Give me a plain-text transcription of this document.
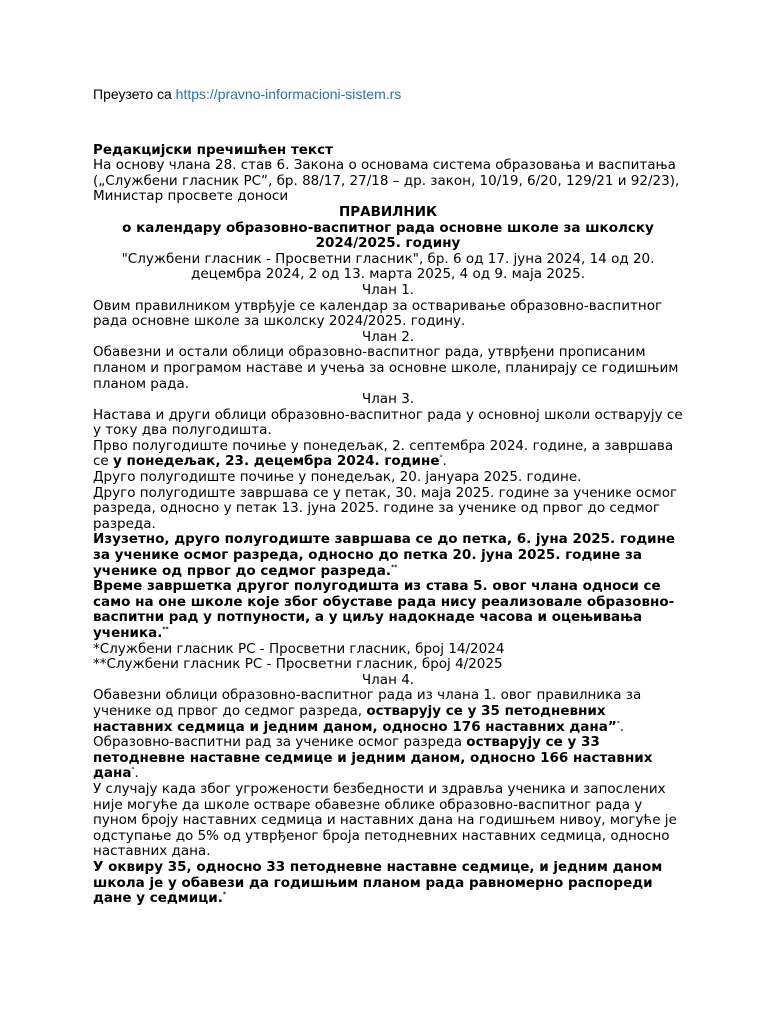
Преузето са https://pravno-informacioni-sistem.rs

Редакцијски пречишћен текст

На основу члана 28. став 6. Закона о основама система образовања и васпитања („Службени гласник РС”, бр. 88/17, 27/18 – др. закон, 10/19, 6/20, 129/21 и 92/23),

Министар просвете доноси

ПРАВИЛНИК

о календару образовно-васпитног рада основне школе за школску 2024/2025. годину

"Службени гласник - Просветни гласник", бр. 6 од 17. јуна 2024, 14 од 20. децембра 2024, 2 од 13. марта 2025, 4 од 9. маја 2025.

Члан 1.

Овим правилником утврђује се календар за остваривање образовно-васпитног рада основне школе за школску 2024/2025. годину.

Члан 2.

Обавезни и остали облици образовно-васпитног рада, утврђени прописаним планом и програмом наставе и учења за основне школе, планирају се годишњим планом рада.

Члан 3.

Настава и други облици образовно-васпитног рада у основној школи остварују се у току два полугодишта.

Прво полугодиште почиње у понедељак, 2. септембра 2024. године, а завршава се у понедељак, 23. децембра 2024. године*.

Друго полугодиште почиње у понедељак, 20. јануара 2025. године.

Друго полугодиште завршава се у петак, 30. маја 2025. године за ученике осмог разреда, односно у петак 13. јуна 2025. године за ученике од првог до седмог разреда.

Изузетно, друго полугодиште завршава се до петка, 6. јуна 2025. године за ученике осмог разреда, односно до петка 20. јуна 2025. године за ученике од првог до седмог разреда.**

Време завршетка другог полугодишта из става 5. овог члана односи се само на оне школе које због обуставе рада нису реализовале образовно-васпитни рад у потпуности, а у циљу надокнаде часова и оцењивања ученика.**

*Службени гласник РС - Просветни гласник, број 14/2024

**Службени гласник РС - Просветни гласник, број 4/2025

Члан 4.

Обавезни облици образовно-васпитног рада из члана 1. овог правилника за ученике од првог до седмог разреда, остварују се у 35 петодневних наставних седмица и једним даном, односно 176 наставних дана”*.

Образовно-васпитни рад за ученике осмог разреда остварују се у 33 петодневне наставне седмице и једним даном, односно 166 наставних дана*.

У случају када због угрожености безбедности и здравља ученика и запослених није могуће да школе остваре обавезне облике образовно-васпитног рада у пуном броју наставних седмица и наставних дана на годишњем нивоу, могуће је одступање до 5% од утврђеног броја петодневних наставних седмица, односно наставних дана.

У оквиру 35, односно 33 петодневне наставне седмице, и једним даном школа је у обавези да годишњим планом рада равномерно распореди дане у седмици.*
